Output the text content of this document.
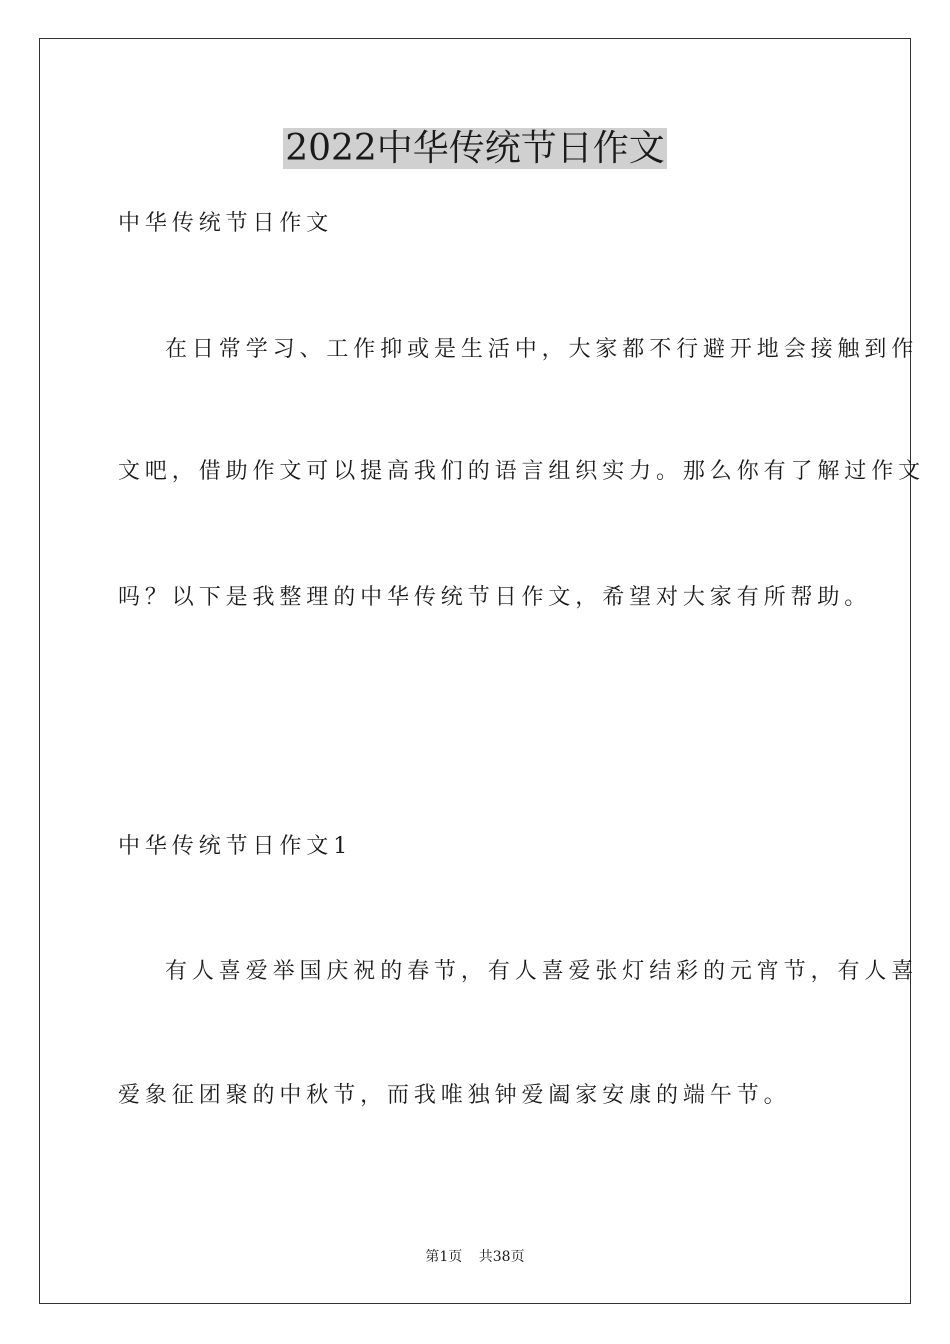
2022中华传统节日作文

中华传统节日作文

在日常学习、工作抑或是生活中，大家都不行避开地会接触到作

文吧，借助作文可以提高我们的语言组织实力。那么你有了解过作文

吗？以下是我整理的中华传统节日作文，希望对大家有所帮助。

中华传统节日作文1

有人喜爱举国庆祝的春节，有人喜爱张灯结彩的元宵节，有人喜

爱象征团聚的中秋节，而我唯独钟爱阖家安康的端午节。

第1页 共38页
